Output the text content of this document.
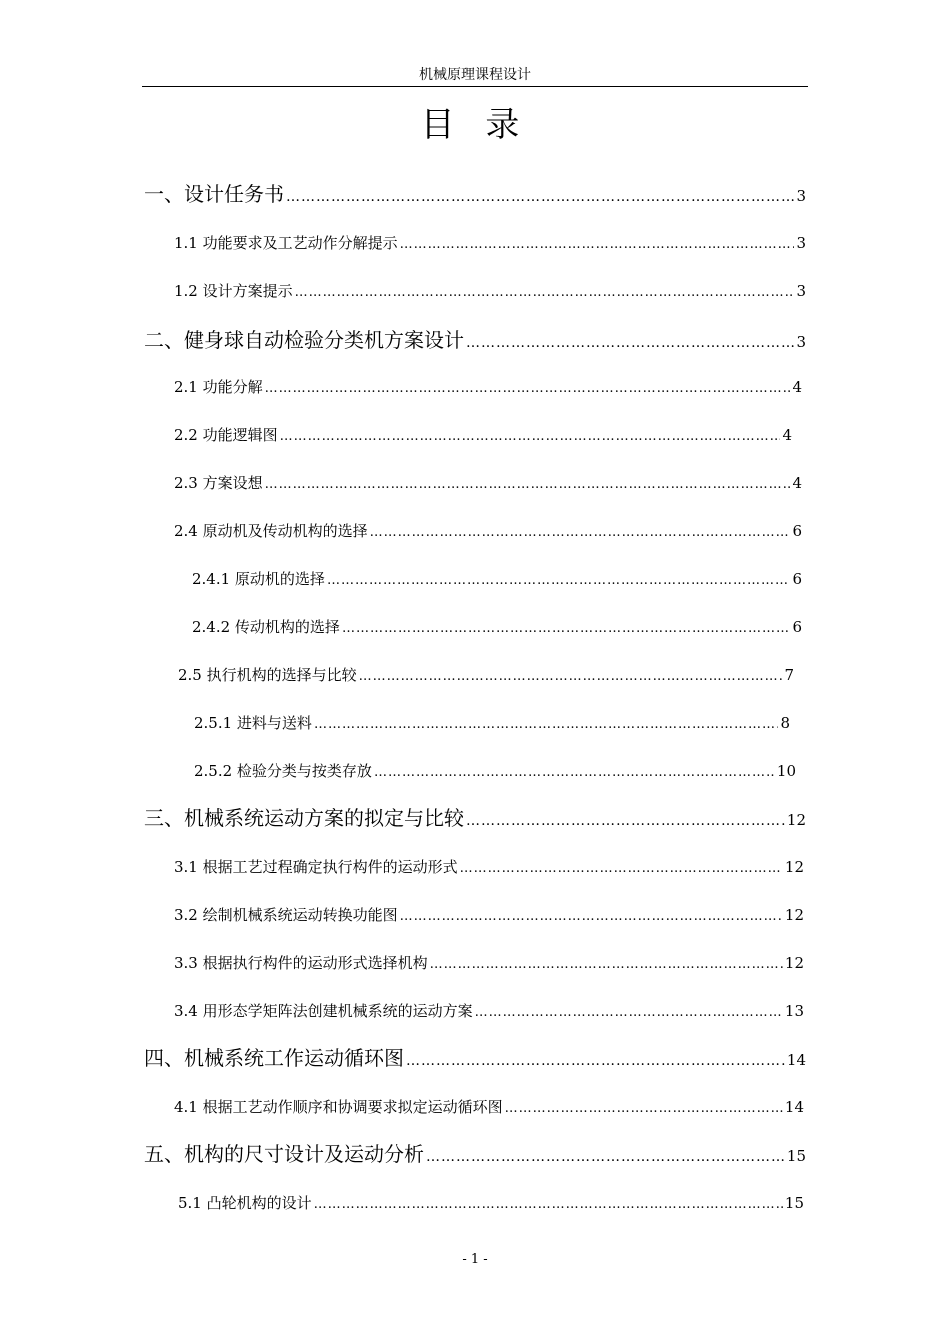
机械原理课程设计
目 录
一、设计任务书 ……………………………………………………………………………………………………………………………………………………	3
1.1 功能要求及工艺动作分解提示 ……………………………………………………………………………………………………………………………………………………	3
1.2 设计方案提示 ……………………………………………………………………………………………………………………………………………………	3
二、健身球自动检验分类机方案设计 ……………………………………………………………………………………………………………………………………………………	3
2.1 功能分解 ……………………………………………………………………………………………………………………………………………………	4
2.2 功能逻辑图 ……………………………………………………………………………………………………………………………………………………	4
2.3 方案设想 ……………………………………………………………………………………………………………………………………………………	4
2.4 原动机及传动机构的选择 ……………………………………………………………………………………………………………………………………………………	6
2.4.1 原动机的选择 ……………………………………………………………………………………………………………………………………………………	6
2.4.2 传动机构的选择 ……………………………………………………………………………………………………………………………………………………	6
2.5 执行机构的选择与比较 ……………………………………………………………………………………………………………………………………………………	7
2.5.1 进料与送料 ……………………………………………………………………………………………………………………………………………………	8
2.5.2 检验分类与按类存放 ……………………………………………………………………………………………………………………………………………………	10
三、机械系统运动方案的拟定与比较 ……………………………………………………………………………………………………………………………………………………	12
3.1 根据工艺过程确定执行构件的运动形式 ……………………………………………………………………………………………………………………………………………………	12
3.2 绘制机械系统运动转换功能图 ……………………………………………………………………………………………………………………………………………………	12
3.3 根据执行构件的运动形式选择机构 ……………………………………………………………………………………………………………………………………………………	12
3.4 用形态学矩阵法创建机械系统的运动方案 ……………………………………………………………………………………………………………………………………………………	13
四、机械系统工作运动循环图 ……………………………………………………………………………………………………………………………………………………	14
4.1 根据工艺动作顺序和协调要求拟定运动循环图 ……………………………………………………………………………………………………………………………………………………	14
五、机构的尺寸设计及运动分析 ……………………………………………………………………………………………………………………………………………………	15
5.1 凸轮机构的设计 ……………………………………………………………………………………………………………………………………………………	15
- 1 -
